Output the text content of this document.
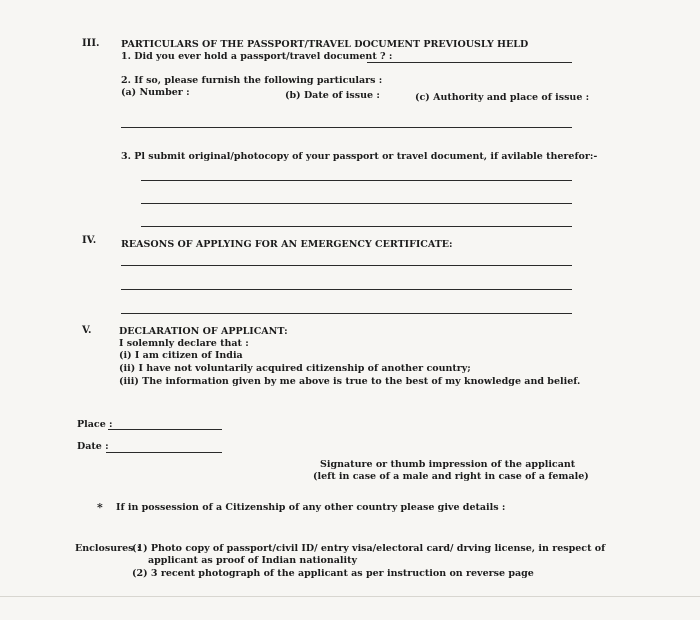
III. PARTICULARS OF THE PASSPORT/TRAVEL DOCUMENT PREVIOUSLY HELD
1. Did you ever hold a passport/travel document ? :
2. If so, please furnish the following particulars :
(a) Number :	(b) Date of issue :	(c) Authority and place of issue :
3. Pl submit original/photocopy of your passport or travel document, if avilable therefor:-
IV.	REASONS OF APPLYING FOR AN EMERGENCY CERTIFICATE:
V.	DECLARATION OF APPLICANT:
I solemnly declare that :
(i) I am citizen of India
(ii) I have not voluntarily acquired citizenship of another country;
(iii) The information given by me above is true to the best of my knowledge and belief.
Place :
Date :
Signature or thumb impression of the applicant
(left in case of a male and right in case of a female)
* If in possession of a Citizenship of any other country please give details :
Enclosures :
(1) Photo copy of passport/civil ID/ entry visa/electoral card/ drving license, in respect of
applicant as proof of Indian nationality
(2) 3 recent photograph of the applicant as per instruction on reverse page
